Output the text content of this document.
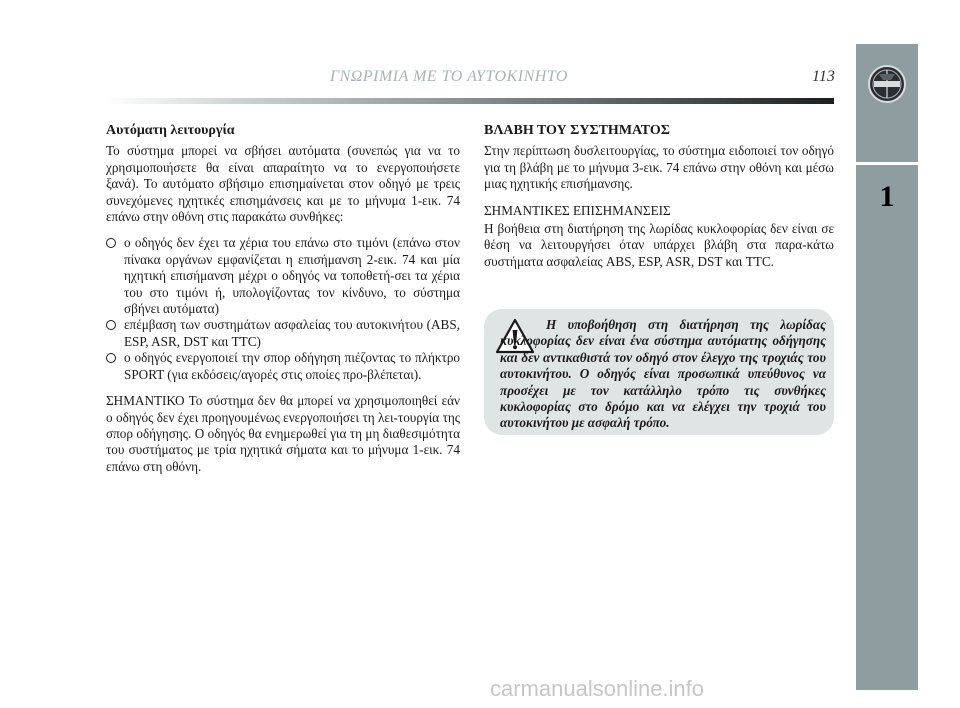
1
ΓΝΩΡΙΜΙΑ ΜΕ ΤΟ ΑΥΤΟΚΙΝΗΤΟ	113
Αυτόματη λειτουργία

Το σύστημα μπορεί να σβήσει αυτόματα (συνεπώς για να το χρησιμοποιήσετε θα είναι απαραίτητο να το ενεργοποιήσετε ξανά). Το αυτόματο σβήσιμο επισημαίνεται στον οδηγό με τρεις συνεχόμενες ηχητικές επισημάνσεις και με το μήνυμα 1-εικ. 74 επάνω στην οθόνη στις παρακάτω συνθήκες:

ο οδηγός δεν έχει τα χέρια του επάνω στο τιμόνι (επάνω στον πίνακα οργάνων εμφανίζεται η επισήμανση 2-εικ. 74 και μία ηχητική επισήμανση μέχρι ο οδηγός να τοποθετή-σει τα χέρια του στο τιμόνι ή, υπολογίζοντας τον κίνδυνο, το σύστημα σβήνει αυτόματα)
επέμβαση των συστημάτων ασφαλείας του αυτοκινήτου (ABS, ESP, ASR, DST και TTC)
ο οδηγός ενεργοποιεί την σπορ οδήγηση πιέζοντας το πλήκτρο SPORT (για εκδόσεις/αγορές στις οποίες προ-βλέπεται).

ΣΗΜΑΝΤΙΚΟ Το σύστημα δεν θα μπορεί να χρησιμοποιηθεί εάν ο οδηγός δεν έχει προηγουμένως ενεργοποιήσει τη λει-τουργία της σπορ οδήγησης. Ο οδηγός θα ενημερωθεί για τη μη διαθεσιμότητα του συστήματος με τρία ηχητικά σήματα και το μήνυμα 1-εικ. 74 επάνω στη οθόνη.

ΒΛΑΒΗ ΤΟΥ ΣΥΣΤΗΜΑΤΟΣ

Στην περίπτωση δυσλειτουργίας, το σύστημα ειδοποιεί τον οδηγό για τη βλάβη με το μήνυμα 3-εικ. 74 επάνω στην οθόνη και μέσω μιας ηχητικής επισήμανσης.

ΣΗΜΑΝΤΙΚΕΣ ΕΠΙΣΗΜΑΝΣΕΙΣ

Η βοήθεια στη διατήρηση της λωρίδας κυκλοφορίας δεν είναι σε θέση να λειτουργήσει όταν υπάρχει βλάβη στα παρα-κάτω συστήματα ασφαλείας ABS, ESP, ASR, DST και TTC.

Η υποβοήθηση στη διατήρηση της λωρίδας κυκλοφορίας δεν είναι ένα σύστημα αυτόματης οδήγησης και δεν αντικαθιστά τον οδηγό στον έλεγχο της τροχιάς του αυτοκινήτου. Ο οδηγός είναι προσωπικά υπεύθυνος να προσέχει με τον κατάλληλο τρόπο τις συνθήκες κυκλοφορίας στο δρόμο και να ελέγχει την τροχιά του αυτοκινήτου με ασφαλή τρόπο.

carmanualsonline.info
